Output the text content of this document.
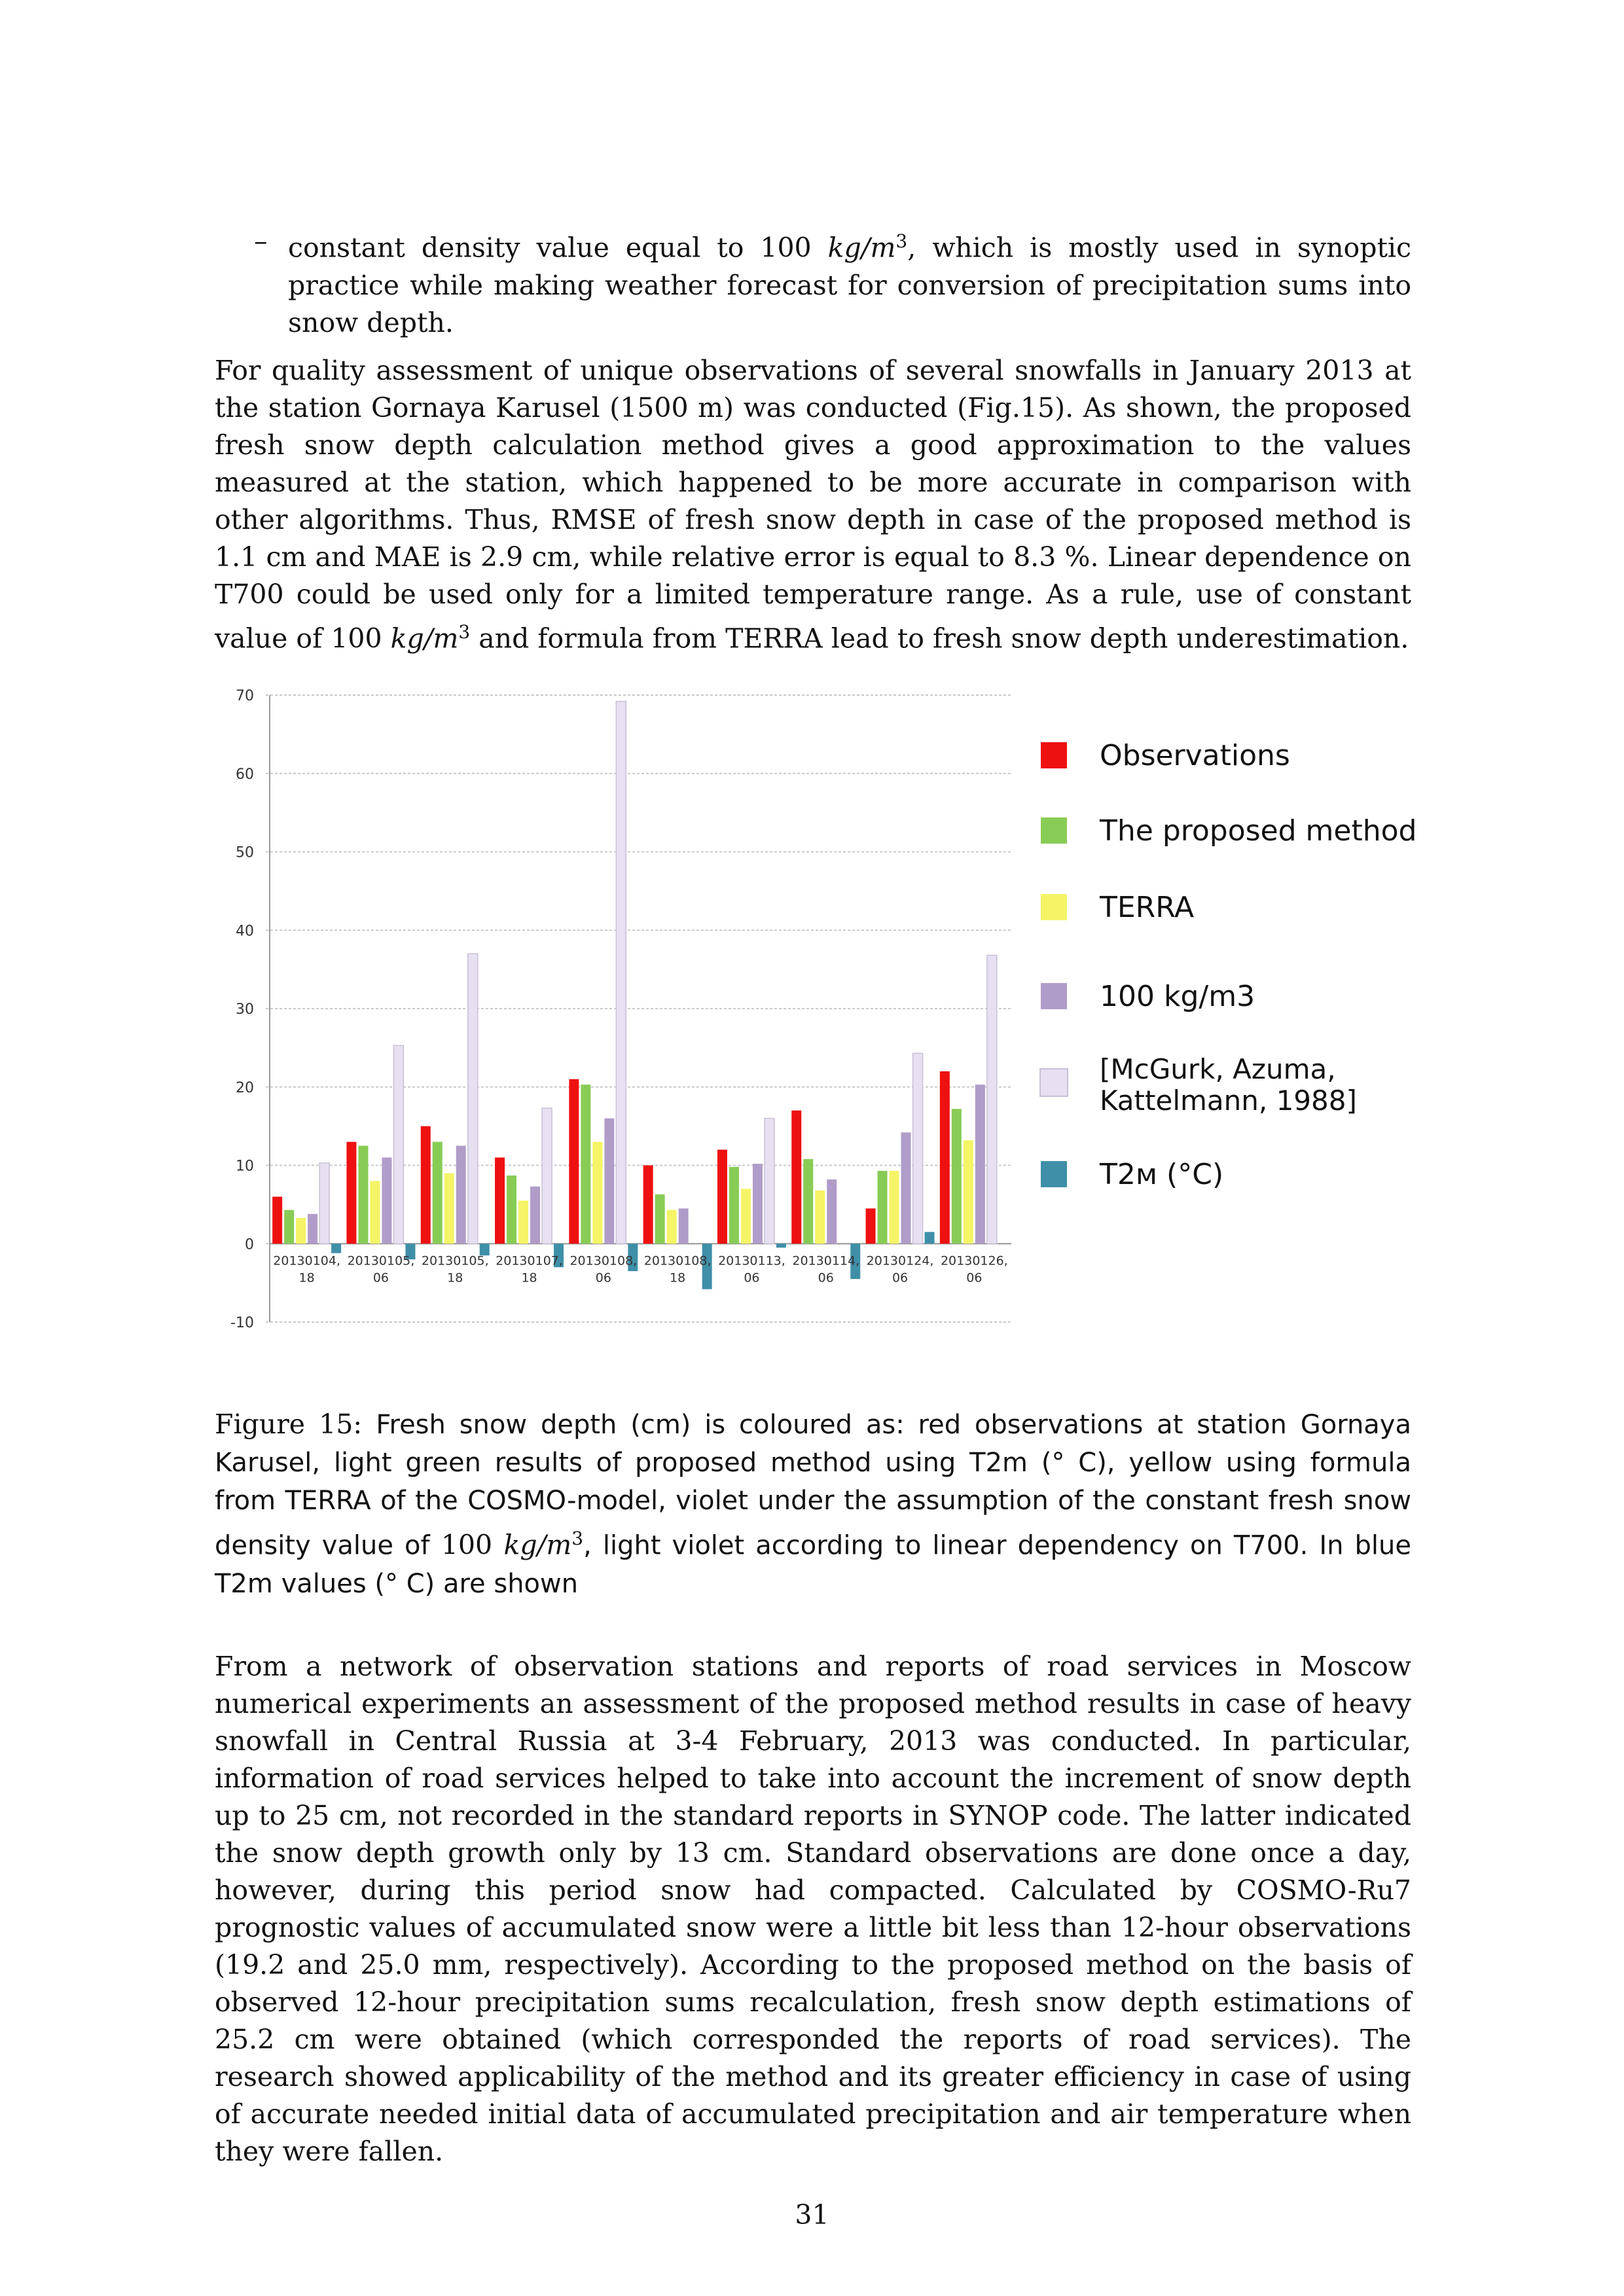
– constant density value equal to 100 $kg/m^3$, which is mostly used in synoptic practice while making weather forecast for conversion of precipitation sums into snow depth.
For quality assessment of unique observations of several snowfalls in January 2013 at the station Gornaya Karusel (1500 m) was conducted (Fig.15). As shown, the proposed fresh snow depth calculation method gives a good approximation to the values measured at the station, which happened to be more accurate in comparison with other algorithms. Thus, RMSE of fresh snow depth in case of the proposed method is 1.1 cm and MAE is 2.9 cm, while relative error is equal to 8.3 %. Linear dependence on T700 could be used only for a limited temperature range. As a rule, use of constant value of 100 $kg/m^3$ and formula from TERRA lead to fresh snow depth underestimation.
70
60
50
40
30
20
10
0
-10
20130104,
18
20130105,
06
20130105,
18
20130107,
18
20130108,
06
20130108,
18
20130113,
06
20130114,
06
20130124,
06
20130126,
06
Observations
The proposed method
TERRA
100 kg/m3
[McGurk, Azuma,
Kattelmann, 1988]
T2м (°C)
Figure 15: Fresh snow depth (cm) is coloured as: red observations at station Gornaya Karusel, light green results of proposed method using T2m (° C), yellow using formula from TERRA of the COSMO-model, violet under the assumption of the constant fresh snow density value of 100 $kg/m^3$, light violet according to linear dependency on T700. In blue T2m values (° C) are shown
From a network of observation stations and reports of road services in Moscow numerical experiments an assessment of the proposed method results in case of heavy snowfall in Central Russia at 3-4 February, 2013 was conducted. In particular, information of road services helped to take into account the increment of snow depth up to 25 cm, not recorded in the standard reports in SYNOP code. The latter indicated the snow depth growth only by 13 cm. Standard observations are done once a day, however, during this period snow had compacted. Calculated by COSMO-Ru7 prognostic values of accumulated snow were a little bit less than 12-hour observations (19.2 and 25.0 mm, respectively). According to the proposed method on the basis of observed 12-hour precipitation sums recalculation, fresh snow depth estimations of 25.2 cm were obtained (which corresponded the reports of road services). The research showed applicability of the method and its greater efficiency in case of using of accurate needed initial data of accumulated precipitation and air temperature when they were fallen.
31
